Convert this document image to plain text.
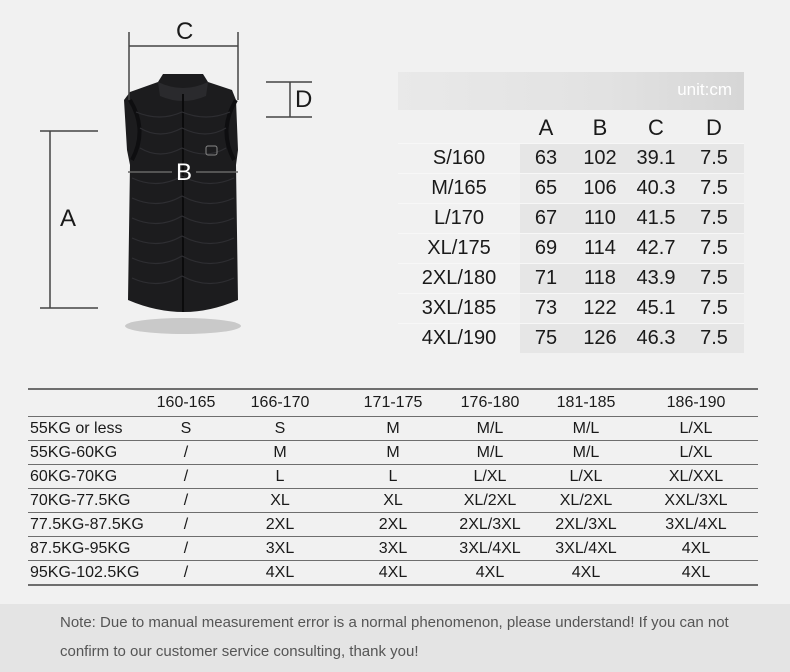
C
D
A
B
unit:cm
	A	B	C	D
S/160	63	102	39.1	7.5
M/165	65	106	40.3	7.5
L/170	67	110	41.5	7.5
XL/175	69	114	42.7	7.5
2XL/180	71	118	43.9	7.5
3XL/185	73	122	45.1	7.5
4XL/190	75	126	46.3	7.5
	160-165	166-170	171-175	176-180	181-185	186-190
55KG or less	S	S	M	M/L	M/L	L/XL
55KG-60KG	/	M	M	M/L	M/L	L/XL
60KG-70KG	/	L	L	L/XL	L/XL	XL/XXL
70KG-77.5KG	/	XL	XL	XL/2XL	XL/2XL	XXL/3XL
77.5KG-87.5KG	/	2XL	2XL	2XL/3XL	2XL/3XL	3XL/4XL
87.5KG-95KG	/	3XL	3XL	3XL/4XL	3XL/4XL	4XL
95KG-102.5KG	/	4XL	4XL	4XL	4XL	4XL

Note: Due to manual measurement error is a normal phenomenon, please understand! If you can not confirm to our customer service consulting, thank you!
